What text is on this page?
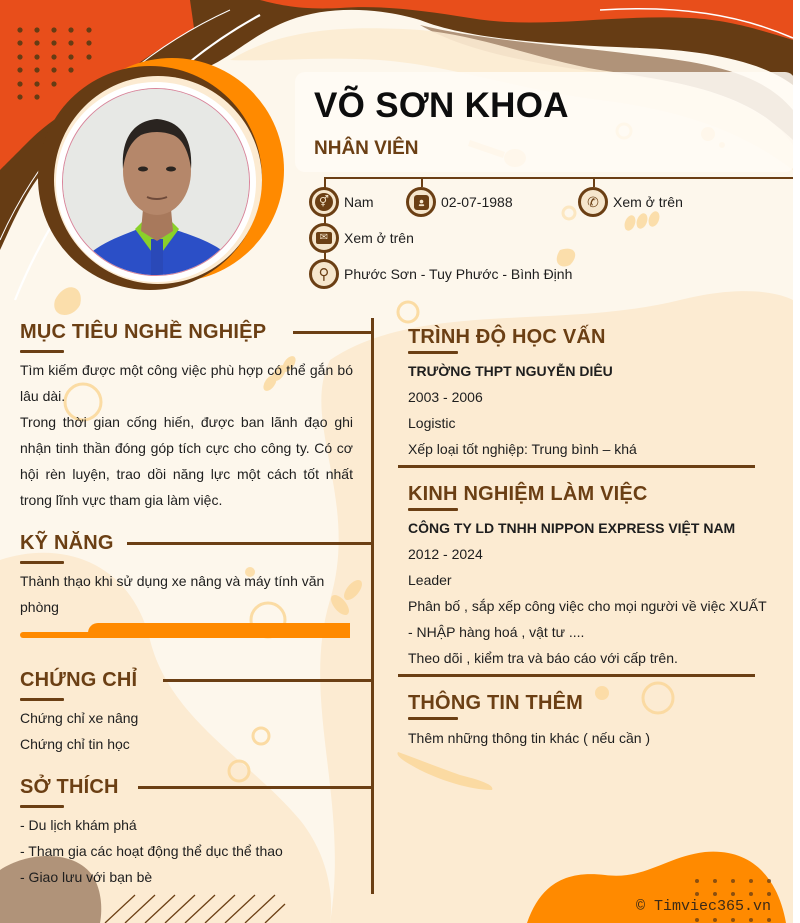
VÕ SƠN KHOA
NHÂN VIÊN
⚥ Nam	02-07-1988	✆ Xem ở trên
✉ Xem ở trên
⚲ Phước Sơn - Tuy Phước - Bình Định
MỤC TIÊU NGHỀ NGHIỆP
Tìm kiếm được một công việc phù hợp có thể gắn bó lâu dài.
Trong thời gian cống hiến, được ban lãnh đạo ghi nhận tinh thần đóng góp tích cực cho công ty. Có cơ hội rèn luyện, trao dồi năng lực một cách tốt nhất trong lĩnh vực tham gia làm việc.
KỸ NĂNG
Thành thạo khi sử dụng xe nâng và máy tính văn phòng
CHỨNG CHỈ
Chứng chỉ xe nâng
Chứng chỉ tin học
SỞ THÍCH
- Du lịch khám phá
- Tham gia các hoạt động thể dục thể thao
- Giao lưu với bạn bè
TRÌNH ĐỘ HỌC VẤN
TRƯỜNG THPT NGUYỄN DIÊU
2003 - 2006
Logistic
Xếp loại tốt nghiệp: Trung bình – khá
KINH NGHIỆM LÀM VIỆC
CÔNG TY LD TNHH NIPPON EXPRESS VIỆT NAM
2012 - 2024
Leader
Phân bố , sắp xếp công việc cho mọi người về việc XUẤT
- NHẬP hàng hoá , vật tư ....
Theo dõi , kiểm tra và báo cáo với cấp trên.
THÔNG TIN THÊM
Thêm những thông tin khác ( nếu cần )
© Timviec365.vn
